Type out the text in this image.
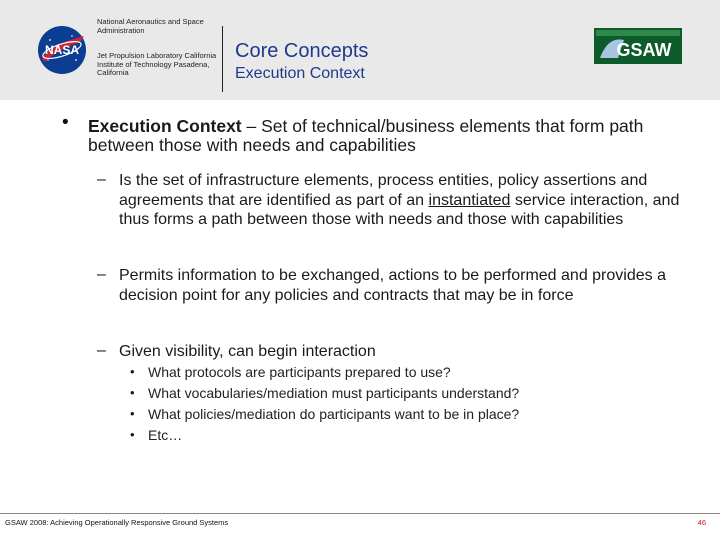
NASA
National Aeronautics and Space Administration
Jet Propulsion Laboratory California Institute of Technology Pasadena, California
Core Concepts
Execution Context
GSAW
• Execution Context – Set of technical/business elements that form path between those with needs and capabilities
– Is the set of infrastructure elements, process entities, policy assertions and agreements that are identified as part of an instantiated service interaction, and thus forms a path between those with needs and those with capabilities
– Permits information to be exchanged, actions to be performed and provides a decision point for any policies and contracts that may be in force
– Given visibility, can begin interaction
• What protocols are participants prepared to use?
• What vocabularies/mediation must participants understand?
• What policies/mediation do participants want to be in place?
• Etc…
GSAW 2008: Achieving Operationally Responsive Ground Systems	46
